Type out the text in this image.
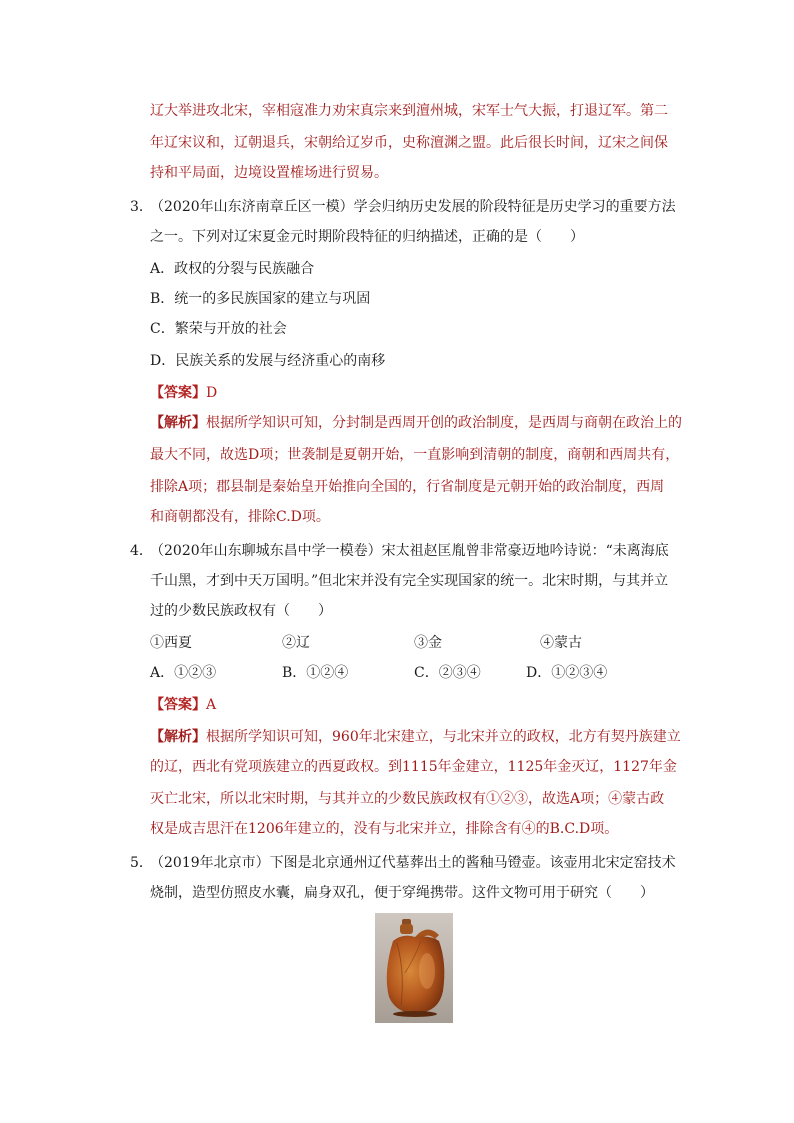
辽大举进攻北宋，宰相寇准力劝宋真宗来到澶州城，宋军士气大振，打退辽军。第二
年辽宋议和，辽朝退兵，宋朝给辽岁币，史称澶渊之盟。此后很长时间，辽宋之间保
持和平局面，边境设置榷场进行贸易。
3．
（2020年山东济南章丘区一模）学会归纳历史发展的阶段特征是历史学习的重要方法
之一。下列对辽宋夏金元时期阶段特征的归纳描述，正确的是（　　）
A．政权的分裂与民族融合
B．统一的多民族国家的建立与巩固
C．繁荣与开放的社会
D．民族关系的发展与经济重心的南移
【答案】D
【解析】根据所学知识可知，分封制是西周开创的政治制度，是西周与商朝在政治上的
最大不同，故选D项；世袭制是夏朝开始，一直影响到清朝的制度，商朝和西周共有，
排除A项；郡县制是秦始皇开始推向全国的，行省制度是元朝开始的政治制度，西周
和商朝都没有，排除C.D项。
4．
（2020年山东聊城东昌中学一模卷）宋太祖赵匡胤曾非常豪迈地吟诗说：“未离海底
千山黑，才到中天万国明。”但北宋并没有完全实现国家的统一。北宋时期，与其并立
过的少数民族政权有（　　）
①西夏	②辽	③金	④蒙古
A．①②③	B．①②④	C．②③④	D．①②③④
【答案】A
【解析】根据所学知识可知，960年北宋建立，与北宋并立的政权，北方有契丹族建立
的辽，西北有党项族建立的西夏政权。到1115年金建立，1125年金灭辽，1127年金
灭亡北宋，所以北宋时期，与其并立的少数民族政权有①②③，故选A项；④蒙古政
权是成吉思汗在1206年建立的，没有与北宋并立，排除含有④的B.C.D项。
5．
（2019年北京市）下图是北京通州辽代墓葬出土的酱釉马镫壶。该壶用北宋定窑技术
烧制，造型仿照皮水囊，扁身双孔，便于穿绳携带。这件文物可用于研究（　　）
